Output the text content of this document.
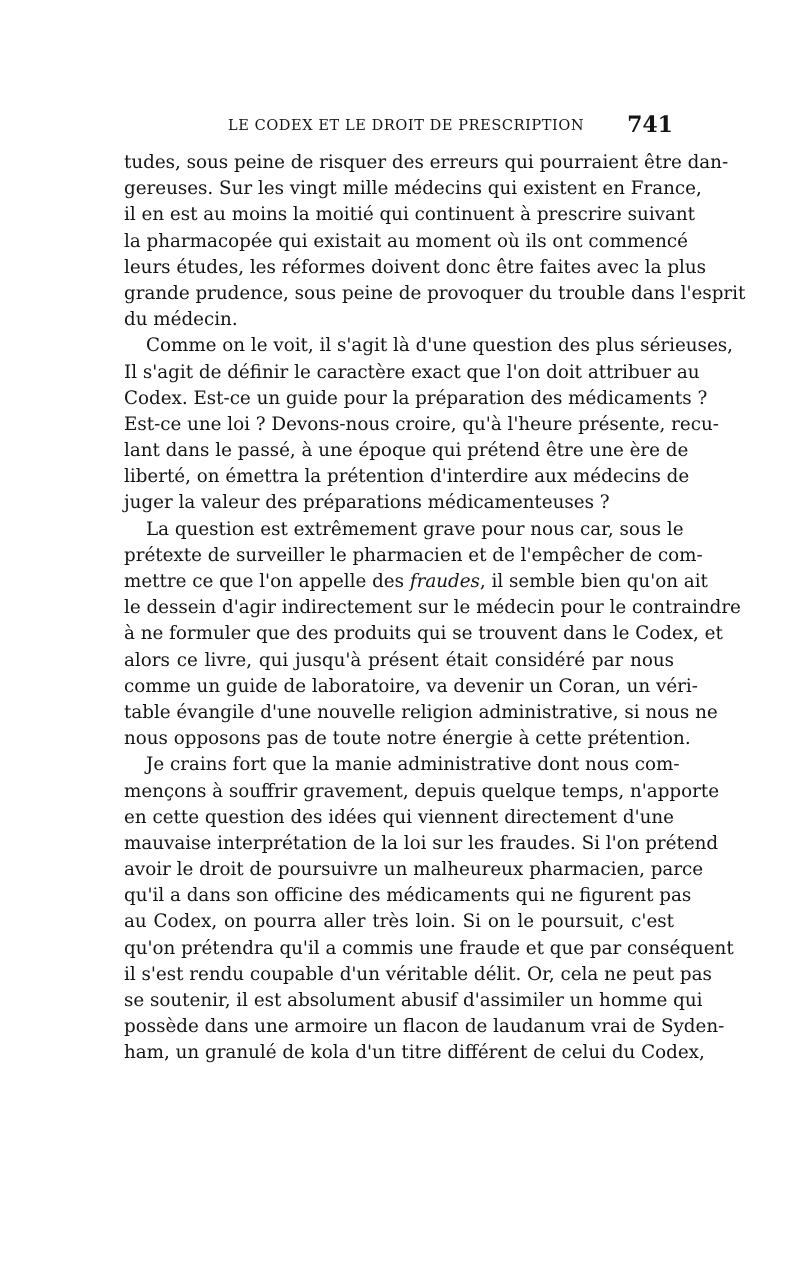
LE CODEX ET LE DROIT DE PRESCRIPTION 741
tudes, sous peine de risquer des erreurs qui pourraient être dan-
gereuses. Sur les vingt mille médecins qui existent en France,
il en est au moins la moitié qui continuent à prescrire suivant
la pharmacopée qui existait au moment où ils ont commencé
leurs études, les réformes doivent donc être faites avec la plus
grande prudence, sous peine de provoquer du trouble dans l'esprit
du médecin.
Comme on le voit, il s'agit là d'une question des plus sérieuses,
Il s'agit de définir le caractère exact que l'on doit attribuer au
Codex. Est-ce un guide pour la préparation des médicaments ?
Est-ce une loi ? Devons-nous croire, qu'à l'heure présente, recu-
lant dans le passé, à une époque qui prétend être une ère de
liberté, on émettra la prétention d'interdire aux médecins de
juger la valeur des préparations médicamenteuses ?
La question est extrêmement grave pour nous car, sous le
prétexte de surveiller le pharmacien et de l'empêcher de com-
mettre ce que l'on appelle des fraudes, il semble bien qu'on ait
le dessein d'agir indirectement sur le médecin pour le contraindre
à ne formuler que des produits qui se trouvent dans le Codex, et
alors ce livre, qui jusqu'à présent était considéré par nous
comme un guide de laboratoire, va devenir un Coran, un véri-
table évangile d'une nouvelle religion administrative, si nous ne
nous opposons pas de toute notre énergie à cette prétention.
Je crains fort que la manie administrative dont nous com-
mençons à souffrir gravement, depuis quelque temps, n'apporte
en cette question des idées qui viennent directement d'une
mauvaise interprétation de la loi sur les fraudes. Si l'on prétend
avoir le droit de poursuivre un malheureux pharmacien, parce
qu'il a dans son officine des médicaments qui ne figurent pas
au Codex, on pourra aller très loin. Si on le poursuit, c'est
qu'on prétendra qu'il a commis une fraude et que par conséquent
il s'est rendu coupable d'un véritable délit. Or, cela ne peut pas
se soutenir, il est absolument abusif d'assimiler un homme qui
possède dans une armoire un flacon de laudanum vrai de Syden-
ham, un granulé de kola d'un titre différent de celui du Codex,
